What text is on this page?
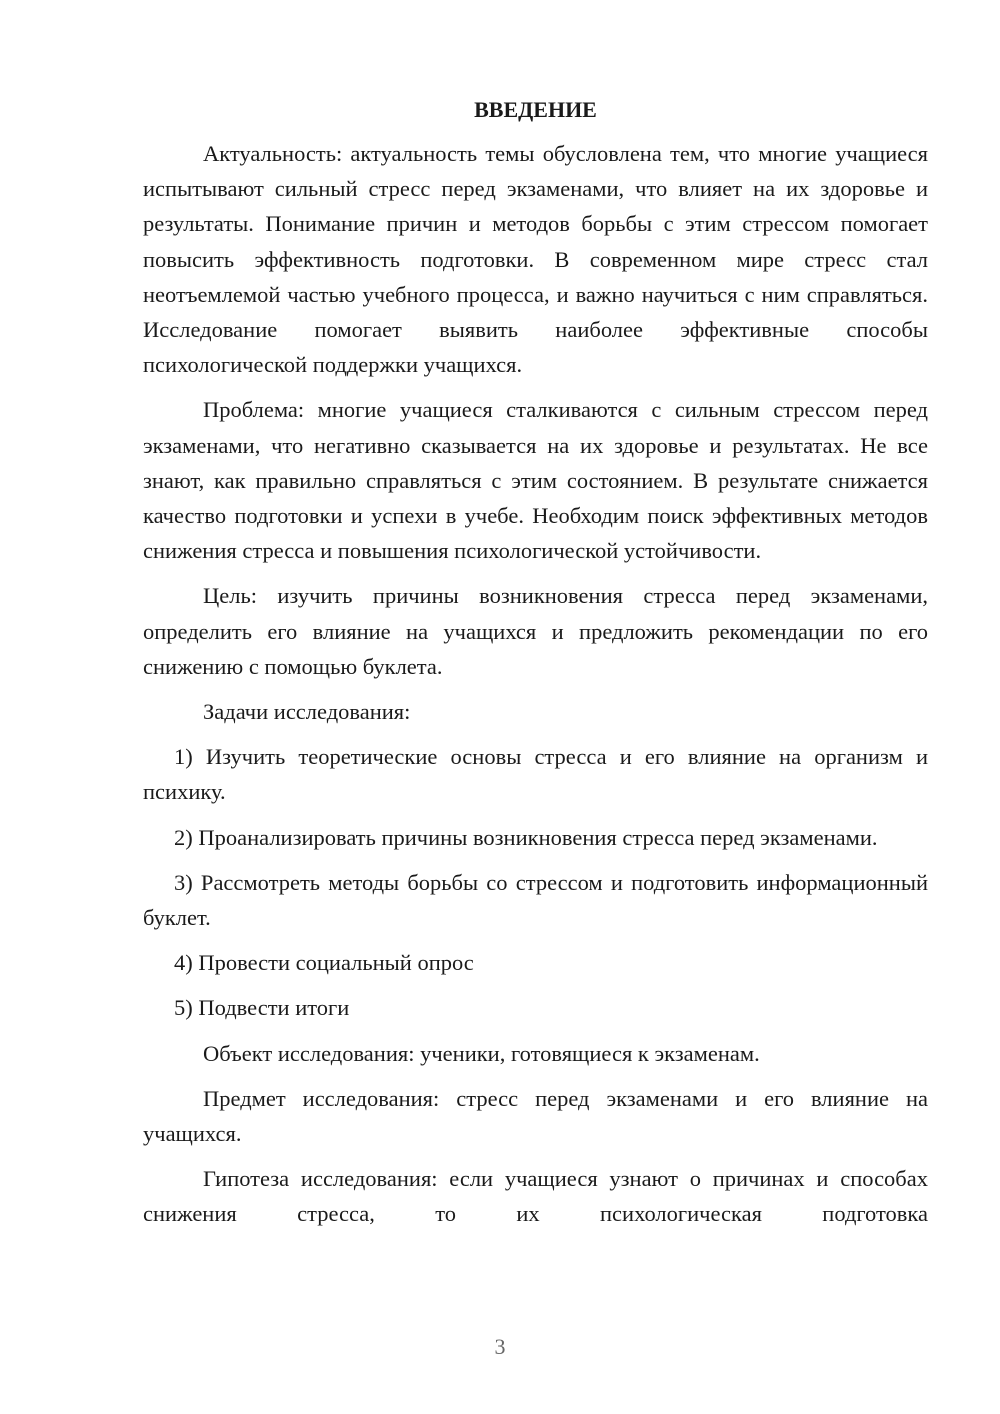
ВВЕДЕНИЕ

Актуальность: актуальность темы обусловлена тем, что многие учащиеся испытывают сильный стресс перед экзаменами, что влияет на их здоровье и результаты. Понимание причин и методов борьбы с этим стрессом помогает повысить эффективность подготовки. В современном мире стресс стал неотъемлемой частью учебного процесса, и важно научиться с ним справляться. Исследование помогает выявить наиболее эффективные способы психологической поддержки учащихся.

Проблема: многие учащиеся сталкиваются с сильным стрессом перед экзаменами, что негативно сказывается на их здоровье и результатах. Не все знают, как правильно справляться с этим состоянием. В результате снижается качество подготовки и успехи в учебе. Необходим поиск эффективных методов снижения стресса и повышения психологической устойчивости.

Цель: изучить причины возникновения стресса перед экзаменами, определить его влияние на учащихся и предложить рекомендации по его снижению с помощью буклета.

Задачи исследования:

1) Изучить теоретические основы стресса и его влияние на организм и психику.

2) Проанализировать причины возникновения стресса перед экзаменами.

3) Рассмотреть методы борьбы со стрессом и подготовить информационный буклет.

4) Провести социальный опрос

5) Подвести итоги

Объект исследования: ученики, готовящиеся к экзаменам.

Предмет исследования: стресс перед экзаменами и его влияние на учащихся.

Гипотеза исследования: если учащиеся узнают о причинах и способах снижения стресса, то их психологическая подготовка

3
